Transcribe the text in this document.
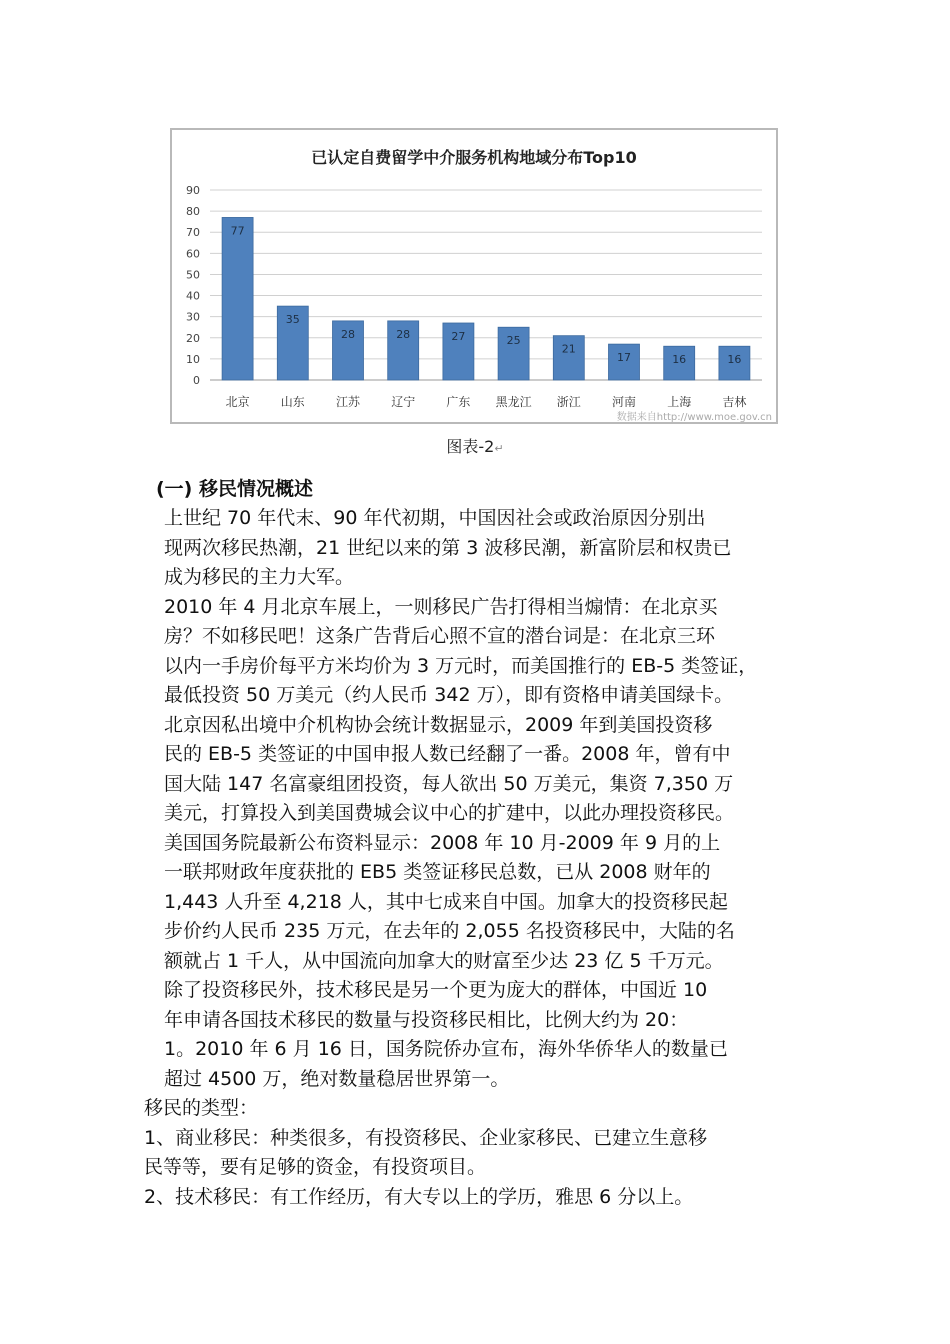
已认定自费留学中介服务机构地域分布Top10
0
10
20
30
40
50
60
70
80
90
77
北京
35
山东
28
江苏
28
辽宁
27
广东
25
黑龙江
21
浙江
17
河南
16
上海
16
吉林
数据来自http://www.moe.gov.cn
图表-2↵
(一) 移民情况概述
上世纪 70 年代末、90 年代初期，中国因社会或政治原因分别出
现两次移民热潮，21 世纪以来的第 3 波移民潮，新富阶层和权贵已
成为移民的主力大军。
2010 年 4 月北京车展上，一则移民广告打得相当煽情：在北京买
房？不如移民吧！这条广告背后心照不宣的潜台词是：在北京三环
以内一手房价每平方米均价为 3 万元时，而美国推行的 EB-5 类签证，
最低投资 50 万美元（约人民币 342 万），即有资格申请美国绿卡。
北京因私出境中介机构协会统计数据显示，2009 年到美国投资移
民的 EB-5 类签证的中国申报人数已经翻了一番。2008 年，曾有中
国大陆 147 名富豪组团投资，每人欲出 50 万美元，集资 7,350 万
美元，打算投入到美国费城会议中心的扩建中，以此办理投资移民。
美国国务院最新公布资料显示：2008 年 10 月-2009 年 9 月的上
一联邦财政年度获批的 EB5 类签证移民总数，已从 2008 财年的
1,443 人升至 4,218 人，其中七成来自中国。加拿大的投资移民起
步价约人民币 235 万元，在去年的 2,055 名投资移民中，大陆的名
额就占 1 千人，从中国流向加拿大的财富至少达 23 亿 5 千万元。
除了投资移民外，技术移民是另一个更为庞大的群体，中国近 10
年申请各国技术移民的数量与投资移民相比，比例大约为 20：
1。2010 年 6 月 16 日，国务院侨办宣布，海外华侨华人的数量已
超过 4500 万，绝对数量稳居世界第一。
移民的类型：
1、商业移民：种类很多，有投资移民、企业家移民、已建立生意移
民等等，要有足够的资金，有投资项目。
2、技术移民：有工作经历，有大专以上的学历，雅思 6 分以上。
